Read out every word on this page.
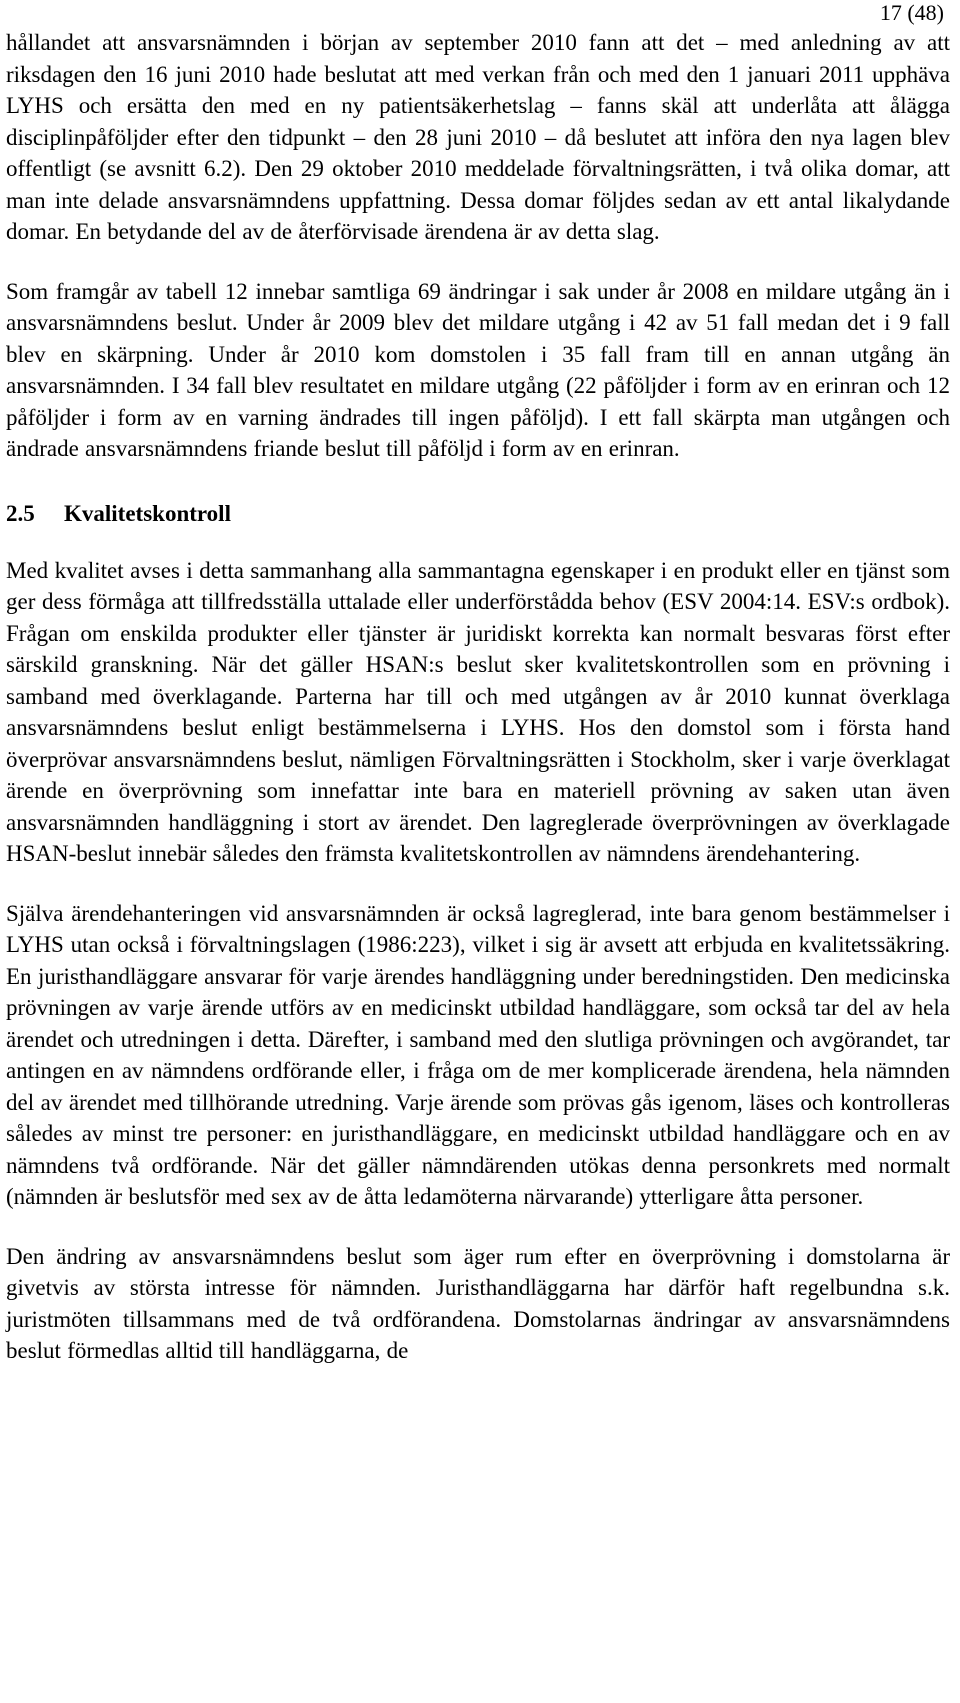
17 (48)

hållandet att ansvarsnämnden i början av september 2010 fann att det – med anledning av att riksdagen den 16 juni 2010 hade beslutat att med verkan från och med den 1 januari 2011 upphäva LYHS och ersätta den med en ny patientsäkerhetslag – fanns skäl att underlåta att ålägga disciplinpåföljder efter den tidpunkt – den 28 juni 2010 – då beslutet att införa den nya lagen blev offentligt (se avsnitt 6.2). Den 29 oktober 2010 meddelade förvaltningsrätten, i två olika domar, att man inte delade ansvarsnämndens uppfattning. Dessa domar följdes sedan av ett antal likalydande domar. En betydande del av de återförvisade ärendena är av detta slag.

Som framgår av tabell 12 innebar samtliga 69 ändringar i sak under år 2008 en mildare utgång än i ansvarsnämndens beslut. Under år 2009 blev det mildare utgång i 42 av 51 fall medan det i 9 fall blev en skärpning. Under år 2010 kom domstolen i 35 fall fram till en annan utgång än ansvarsnämnden. I 34 fall blev resultatet en mildare utgång (22 påföljder i form av en erinran och 12 påföljder i form av en varning ändrades till ingen påföljd). I ett fall skärpta man utgången och ändrade ansvarsnämndens friande beslut till påföljd i form av en erinran.

2.5 Kvalitetskontroll

Med kvalitet avses i detta sammanhang alla sammantagna egenskaper i en produkt eller en tjänst som ger dess förmåga att tillfredsställa uttalade eller underförstådda behov (ESV 2004:14. ESV:s ordbok). Frågan om enskilda produkter eller tjänster är juridiskt korrekta kan normalt besvaras först efter särskild granskning. När det gäller HSAN:s beslut sker kvalitetskontrollen som en prövning i samband med överklagande. Parterna har till och med utgången av år 2010 kunnat överklaga ansvarsnämndens beslut enligt bestämmelserna i LYHS. Hos den domstol som i första hand överprövar ansvarsnämndens beslut, nämligen Förvaltningsrätten i Stockholm, sker i varje överklagat ärende en överprövning som innefattar inte bara en materiell prövning av saken utan även ansvarsnämnden handläggning i stort av ärendet. Den lagreglerade överprövningen av överklagade HSAN-beslut innebär således den främsta kvalitetskontrollen av nämndens ärendehantering.

Själva ärendehanteringen vid ansvarsnämnden är också lagreglerad, inte bara genom bestämmelser i LYHS utan också i förvaltningslagen (1986:223), vilket i sig är avsett att erbjuda en kvalitetssäkring. En juristhandläggare ansvarar för varje ärendes handläggning under beredningstiden. Den medicinska prövningen av varje ärende utförs av en medicinskt utbildad handläggare, som också tar del av hela ärendet och utredningen i detta. Därefter, i samband med den slutliga prövningen och avgörandet, tar antingen en av nämndens ordförande eller, i fråga om de mer komplicerade ärendena, hela nämnden del av ärendet med tillhörande utredning. Varje ärende som prövas gås igenom, läses och kontrolleras således av minst tre personer: en juristhandläggare, en medicinskt utbildad handläggare och en av nämndens två ordförande. När det gäller nämndärenden utökas denna personkrets med normalt (nämnden är beslutsför med sex av de åtta ledamöterna närvarande) ytterligare åtta personer.

Den ändring av ansvarsnämndens beslut som äger rum efter en överprövning i domstolarna är givetvis av största intresse för nämnden. Juristhandläggarna har därför haft regelbundna s.k. juristmöten tillsammans med de två ordförandena. Domstolarnas ändringar av ansvarsnämndens beslut förmedlas alltid till handläggarna, de
